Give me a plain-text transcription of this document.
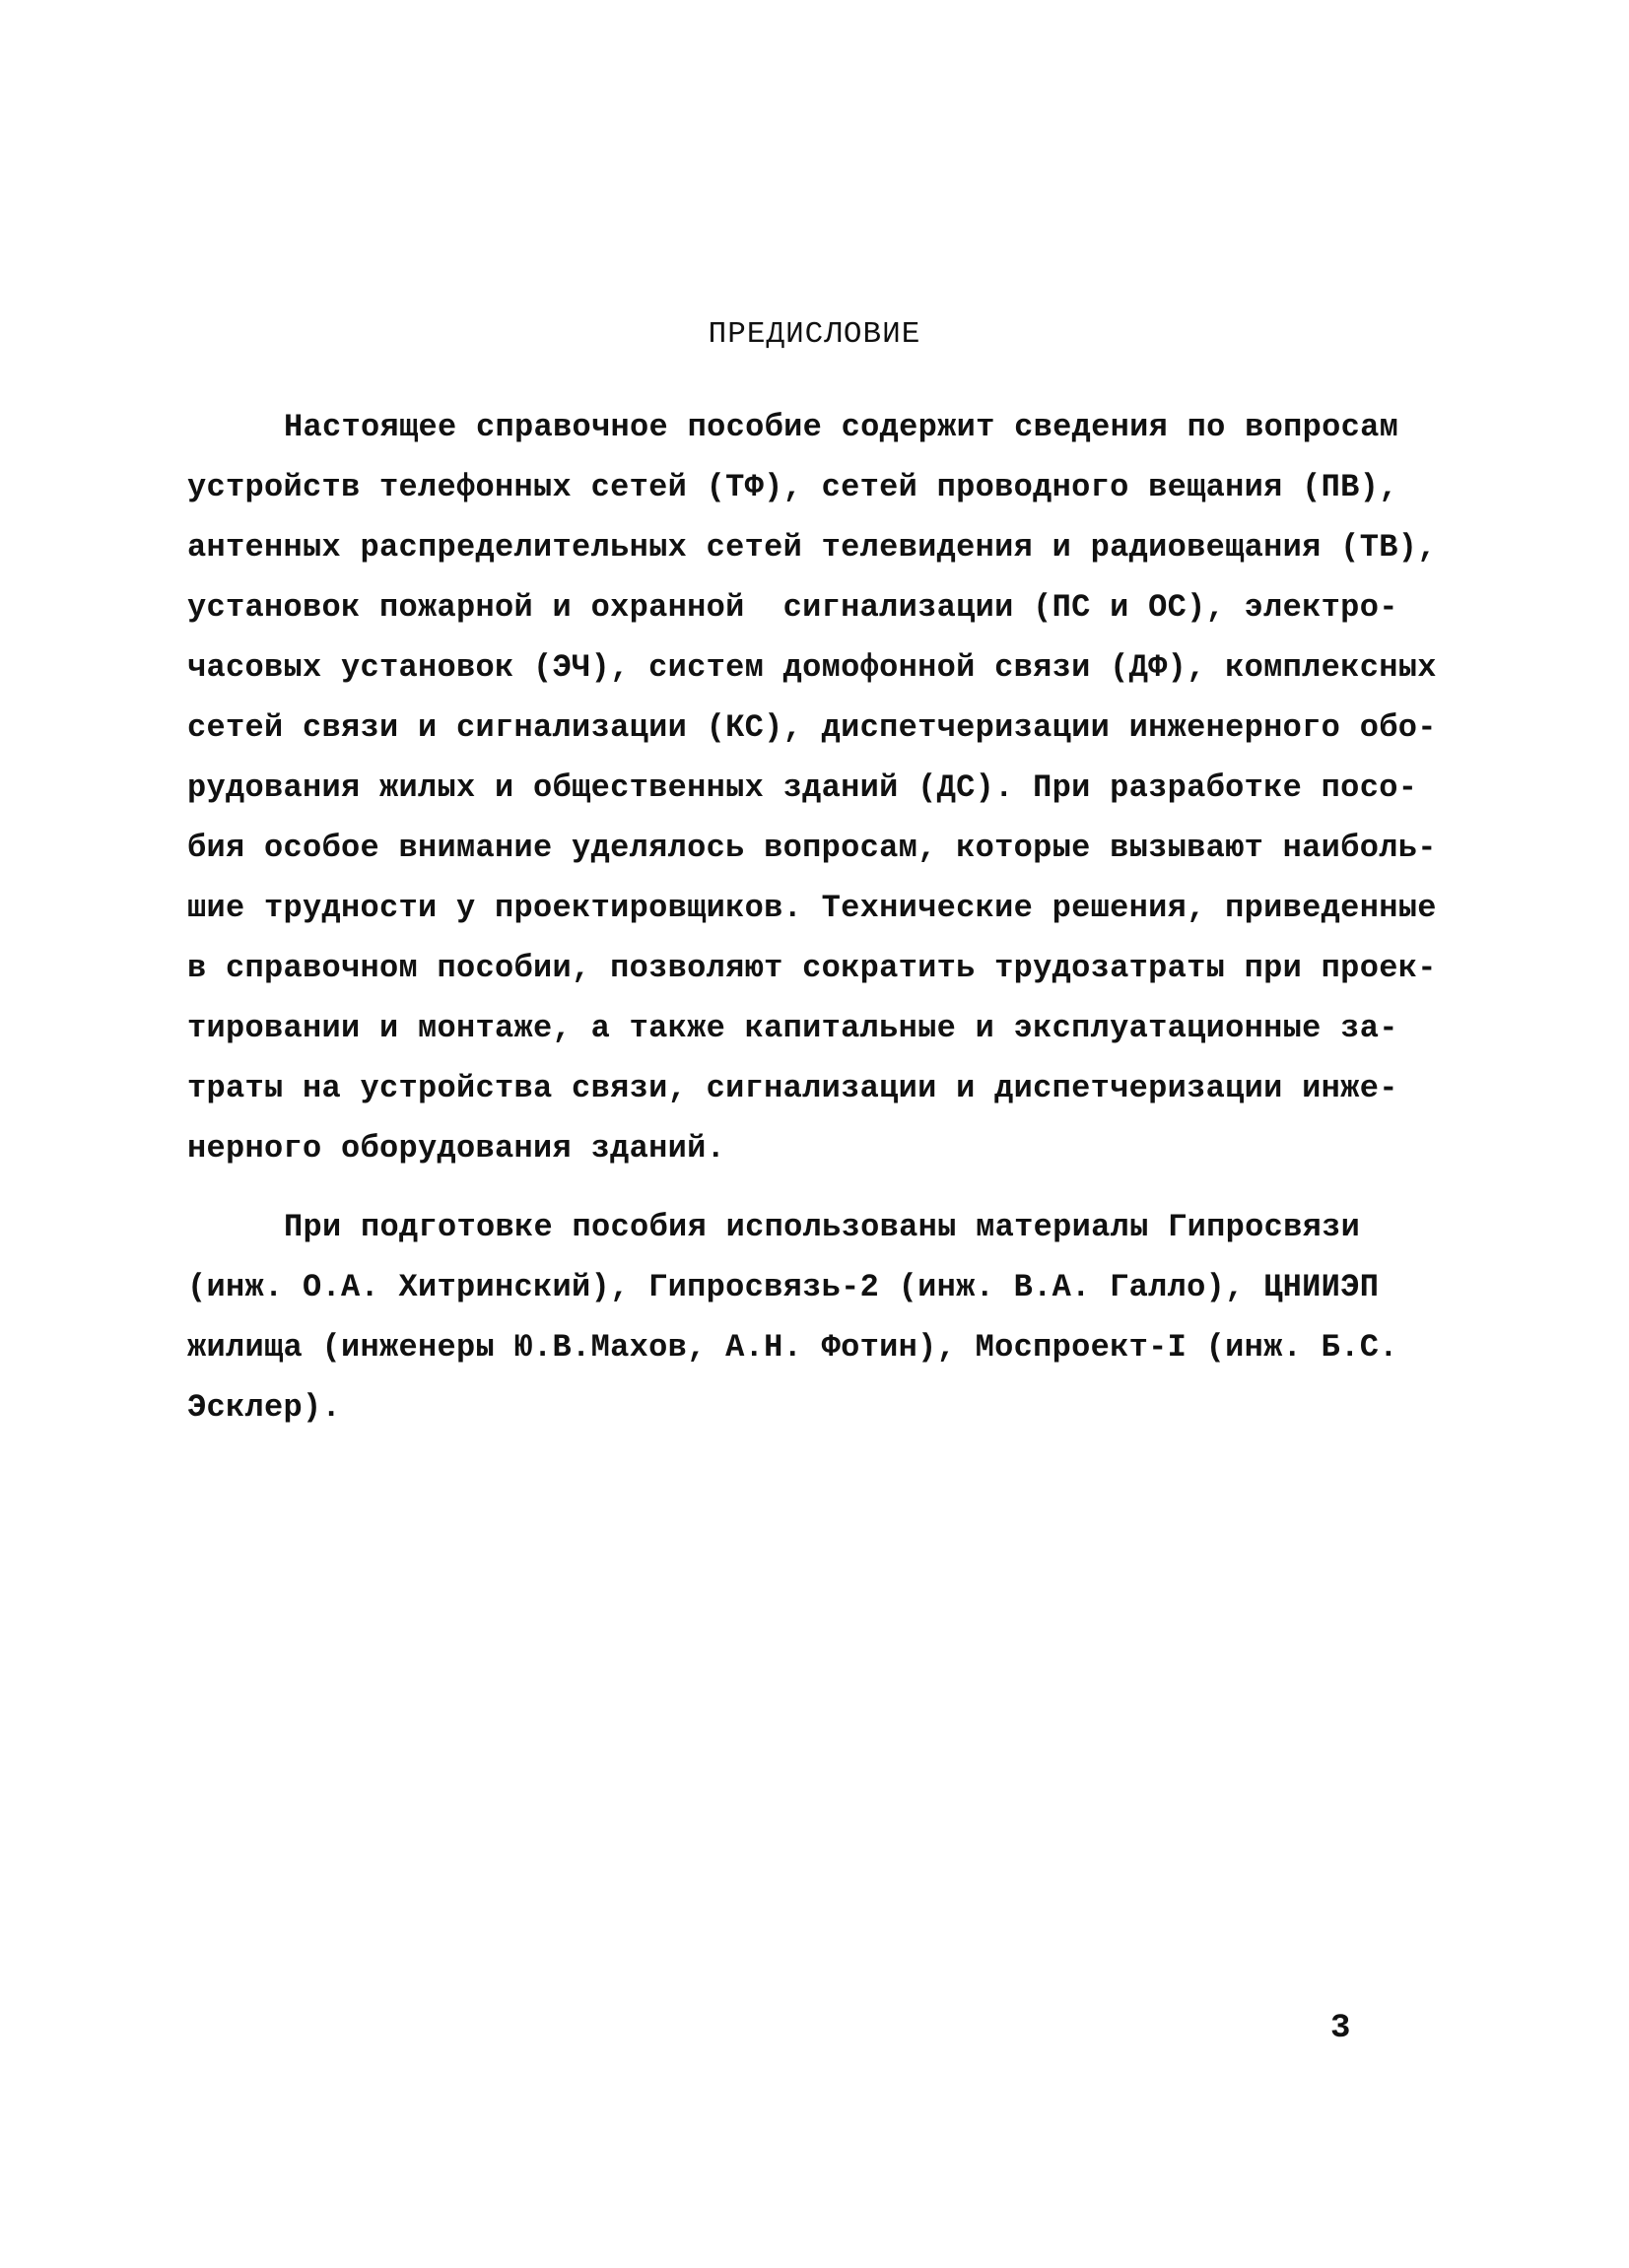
ПРЕДИСЛОВИЕ
Настоящее справочное пособие содержит сведения по вопросам
устройств телефонных сетей (ТФ), сетей проводного вещания (ПВ),
антенных распределительных сетей телевидения и радиовещания (ТВ),
установок пожарной и охранной  сигнализации (ПС и ОС), электро-
часовых установок (ЭЧ), систем домофонной связи (ДФ), комплексных
сетей связи и сигнализации (КС), диспетчеризации инженерного обо-
рудования жилых и общественных зданий (ДС). При разработке посо-
бия особое внимание уделялось вопросам, которые вызывают наиболь-
шие трудности у проектировщиков. Технические решения, приведенные
в справочном пособии, позволяют сократить трудозатраты при проек-
тировании и монтаже, а также капитальные и эксплуатационные за-
траты на устройства связи, сигнализации и диспетчеризации инже-
нерного оборудования зданий.
При подготовке пособия использованы материалы Гипросвязи
(инж. О.А. Хитринский), Гипросвязь-2 (инж. В.А. Галло), ЦНИИЭП
жилища (инженеры Ю.В.Махов, А.Н. Фотин), Моспроект-I (инж. Б.С.
Эсклер).
3
